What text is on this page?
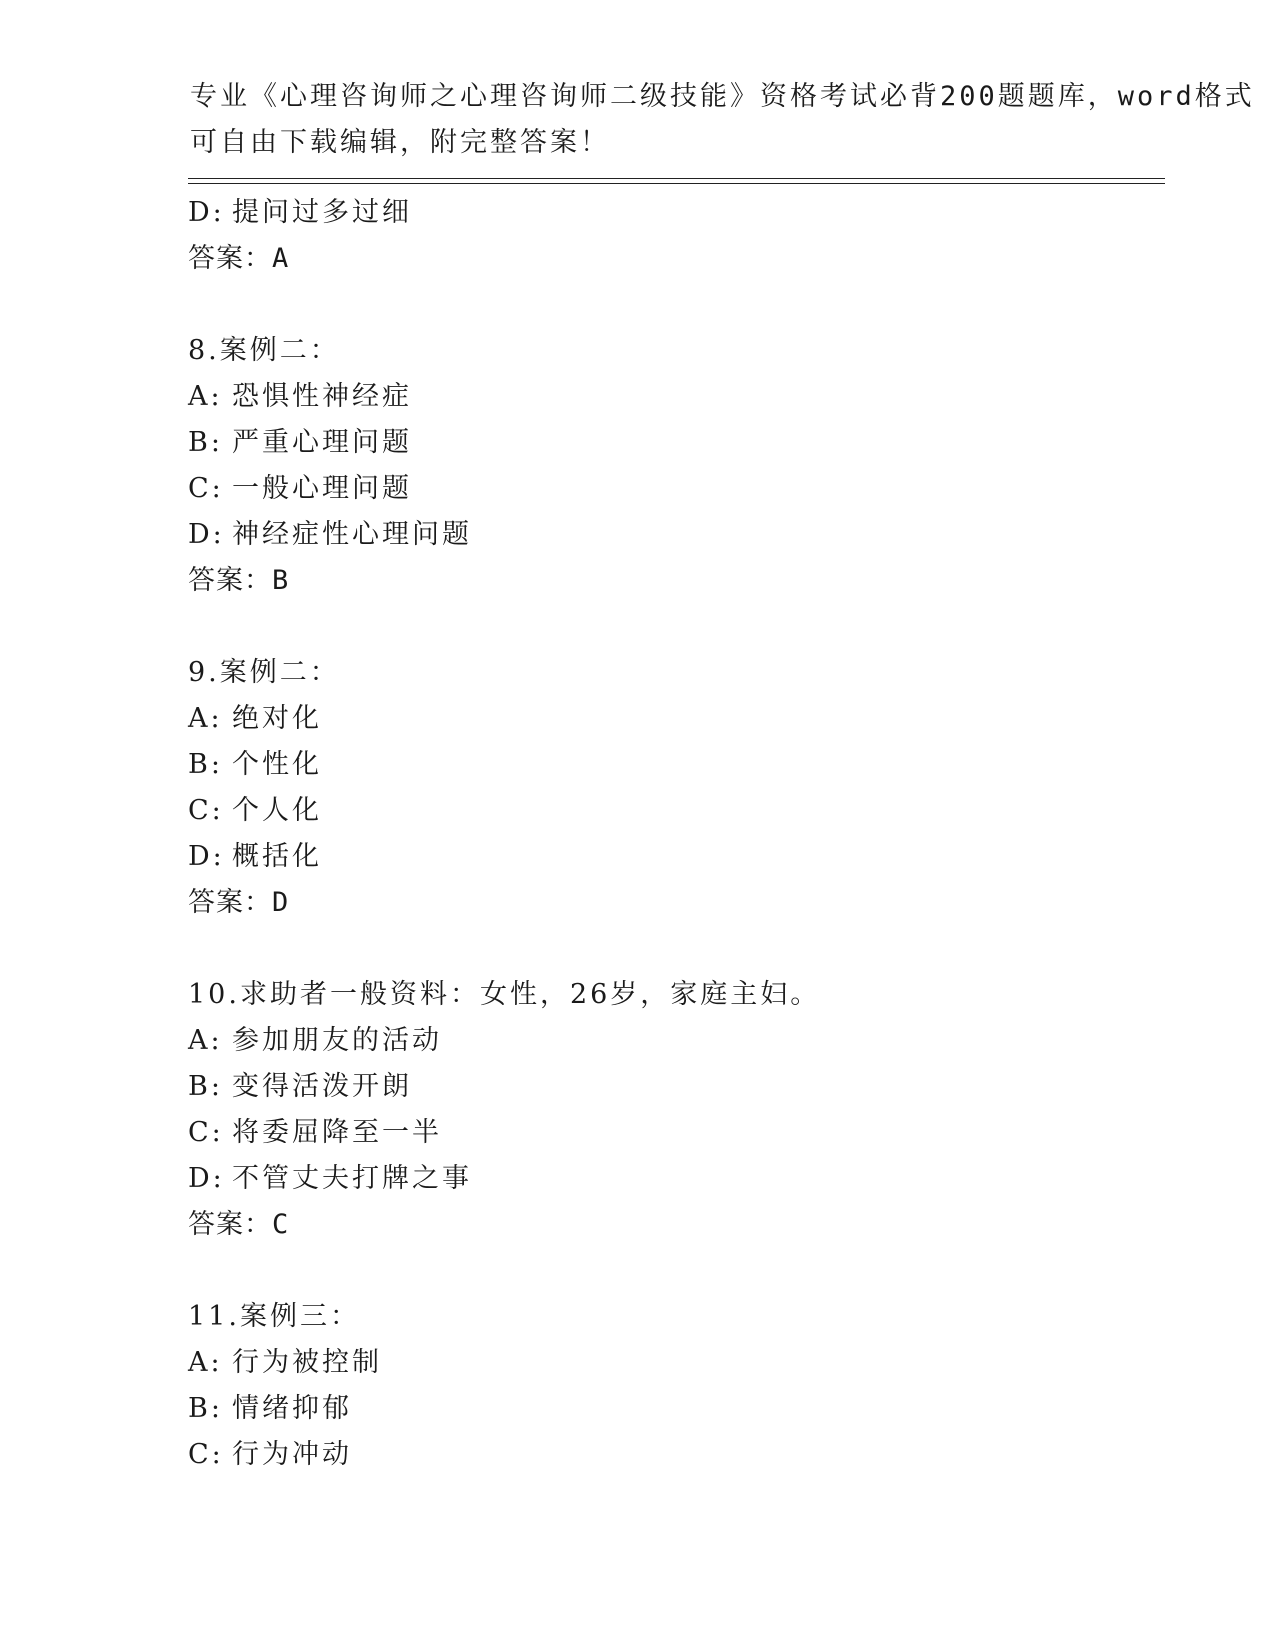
专业《心理咨询师之心理咨询师二级技能》资格考试必背200题题库，word格式
可自由下载编辑，附完整答案！
D: 提问过多过细
答案：A
8.案例二：
A: 恐惧性神经症
B: 严重心理问题
C: 一般心理问题
D: 神经症性心理问题
答案：B
9.案例二：
A: 绝对化
B: 个性化
C: 个人化
D: 概括化
答案：D
10.求助者一般资料：女性，26岁，家庭主妇。
A: 参加朋友的活动
B: 变得活泼开朗
C: 将委屈降至一半
D: 不管丈夫打牌之事
答案：C
11.案例三：
A: 行为被控制
B: 情绪抑郁
C: 行为冲动
